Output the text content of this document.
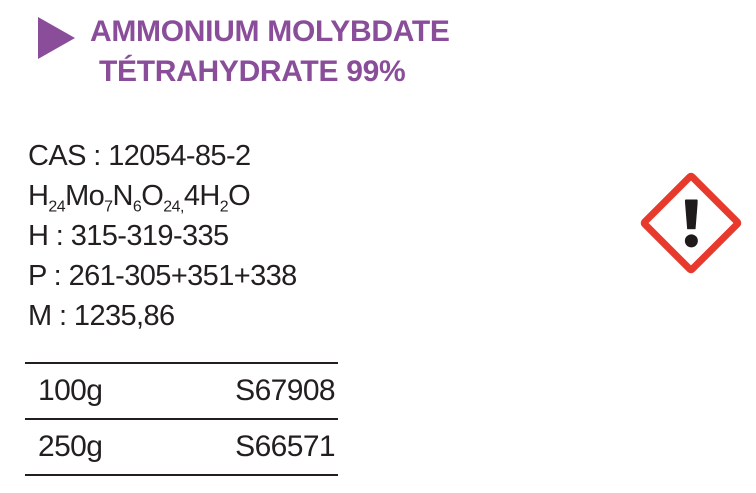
AMMONIUM MOLYBDATE
TÉTRAHYDRATE 99%
CAS : 12054-85-2
$H_{24}Mo_7N_6O_{24,}4H_2O$
H : 315-319-335
P : 261-305+351+338
M : 1235,86
100g	S67908
250g	S66571
